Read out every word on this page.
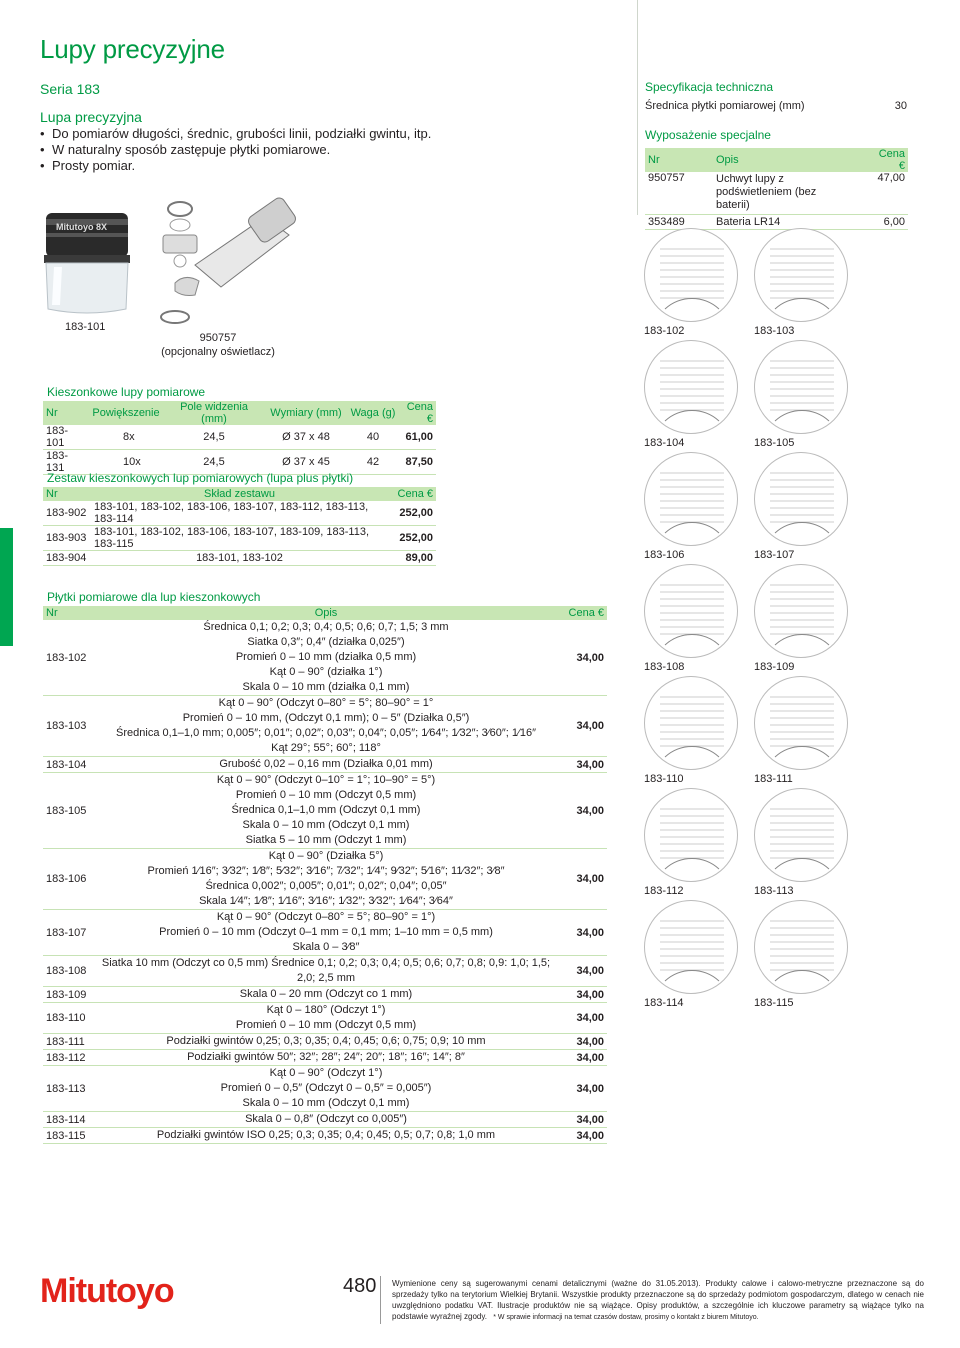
Lupy precyzyjne
Seria 183
Lupa precyzyjna
• Do pomiarów długości, średnic, grubości linii, podziałki gwintu, itp.
• W naturalny sposób zastępuje płytki pomiarowe.
• Prosty pomiar.
Specyfikacja techniczna
Średnica płytki pomiarowej (mm)	30
Wyposażenie specjalne
Nr	Opis	Cena €
950757	Uchwyt lupy z podświetleniem (bez baterii)	47,00
353489	Bateria LR14	6,00
Mitutoyo 8X
183-101
950757
(opcjonalny oświetlacz)
Kieszonkowe lupy pomiarowe
Nr	Powiększenie	Pole widzenia (mm)	Wymiary (mm)	Waga (g)	Cena €
183-101	8x	24,5	Ø 37 x 48	40	61,00
183-131	10x	24,5	Ø 37 x 45	42	87,50
Zestaw kieszonkowych lup pomiarowych (lupa plus płytki)
Nr	Skład zestawu	Cena €
183-902	183-101, 183-102, 183-106, 183-107, 183-112, 183-113, 183-114	252,00
183-903	183-101, 183-102, 183-106, 183-107, 183-109, 183-113, 183-115	252,00
183-904	183-101, 183-102	89,00
Płytki pomiarowe dla lup kieszonkowych
Nr	Opis	Cena €
183-102	Średnica 0,1; 0,2; 0,3; 0,4; 0,5; 0,6; 0,7; 1,5; 3 mm
Siatka 0,3″; 0,4″ (działka 0,025″)
Promień 0 – 10 mm (działka 0,5 mm)
Kąt 0 – 90° (działka 1°)
Skala 0 – 10 mm (działka 0,1 mm)	34,00
183-103	Kąt 0 – 90° (Odczyt 0–80° = 5°; 80–90° = 1°
Promień 0 – 10 mm, (Odczyt 0,1 mm); 0 – 5″ (Działka 0,5″)
Średnica 0,1–1,0 mm; 0,005″; 0,01″; 0,02″; 0,03″; 0,04″; 0,05″; 1⁄64″; 1⁄32″; 3⁄60″; 1⁄16″
Kąt 29°; 55°; 60°; 118°	34,00
183-104	Grubość 0,02 – 0,16 mm (Działka 0,01 mm)	34,00
183-105	Kąt 0 – 90° (Odczyt 0–10° = 1°; 10–90° = 5°)
Promień 0 – 10 mm (Odczyt 0,5 mm)
Średnica 0,1–1,0 mm (Odczyt 0,1 mm)
Skala 0 – 10 mm (Odczyt 0,1 mm)
Siatka 5 – 10 mm (Odczyt 1 mm)	34,00
183-106	Kąt 0 – 90° (Działka 5°)
Promień 1⁄16″; 3⁄32″; 1⁄8″; 5⁄32″; 3⁄16″; 7⁄32″; 1⁄4″; 9⁄32″; 5⁄16″; 11⁄32″; 3⁄8″
Średnica 0,002″; 0,005″; 0,01″; 0,02″; 0,04″; 0,05″
Skala 1⁄4″; 1⁄8″; 1⁄16″; 3⁄16″; 1⁄32″; 3⁄32″; 1⁄64″; 3⁄64″	34,00
183-107	Kąt 0 – 90° (Odczyt 0–80° = 5°; 80–90° = 1°)
Promień 0 – 10 mm (Odczyt 0–1 mm = 0,1 mm; 1–10 mm = 0,5 mm)
Skala 0 – 3⁄8″	34,00
183-108	Siatka 10 mm (Odczyt co 0,5 mm) Średnice 0,1; 0,2; 0,3; 0,4; 0,5; 0,6; 0,7; 0,8; 0,9: 1,0; 1,5; 2,0; 2,5 mm	34,00
183-109	Skala 0 – 20 mm (Odczyt co 1 mm)	34,00
183-110	Kąt 0 – 180° (Odczyt 1°)
Promień 0 – 10 mm (Odczyt 0,5 mm)	34,00
183-111	Podziałki gwintów 0,25; 0,3; 0,35; 0,4; 0,45; 0,6; 0,75; 0,9; 10 mm	34,00
183-112	Podziałki gwintów 50″; 32″; 28″; 24″; 20″; 18″; 16″; 14″; 8″	34,00
183-113	Kąt 0 – 90° (Odczyt 1°)
Promień 0 – 0,5″ (Odczyt 0 – 0,5″ = 0,005″)
Skala 0 – 10 mm (Odczyt 0,1 mm)	34,00
183-114	Skala 0 – 0,8″ (Odczyt co 0,005″)	34,00
183-115	Podziałki gwintów ISO 0,25; 0,3; 0,35; 0,4; 0,45; 0,5; 0,7; 0,8; 1,0 mm	34,00
183-102	183-103
183-104	183-105
183-106	183-107
183-108	183-109
183-110	183-111
183-112	183-113
183-114	183-115
Mitutoyo	480 Wymienione ceny są sugerowanymi cenami detalicznymi (ważne do 31.05.2013). Produkty calowe i calowo-metryczne przeznaczone są do sprzedaży tylko na terytorium Wielkiej Brytanii. Wszystkie produkty przeznaczone są do sprzedaży podmiotom gospodarczym, dlatego w cenach nie uwzględniono podatku VAT. Ilustracje produktów nie są wiążące. Opisy produktów, a szczególnie ich kluczowe parametry są wiążące tylko na podstawie wyraźnej zgody. * W sprawie informacji na temat czasów dostaw, prosimy o kontakt z biurem Mitutoyo.
